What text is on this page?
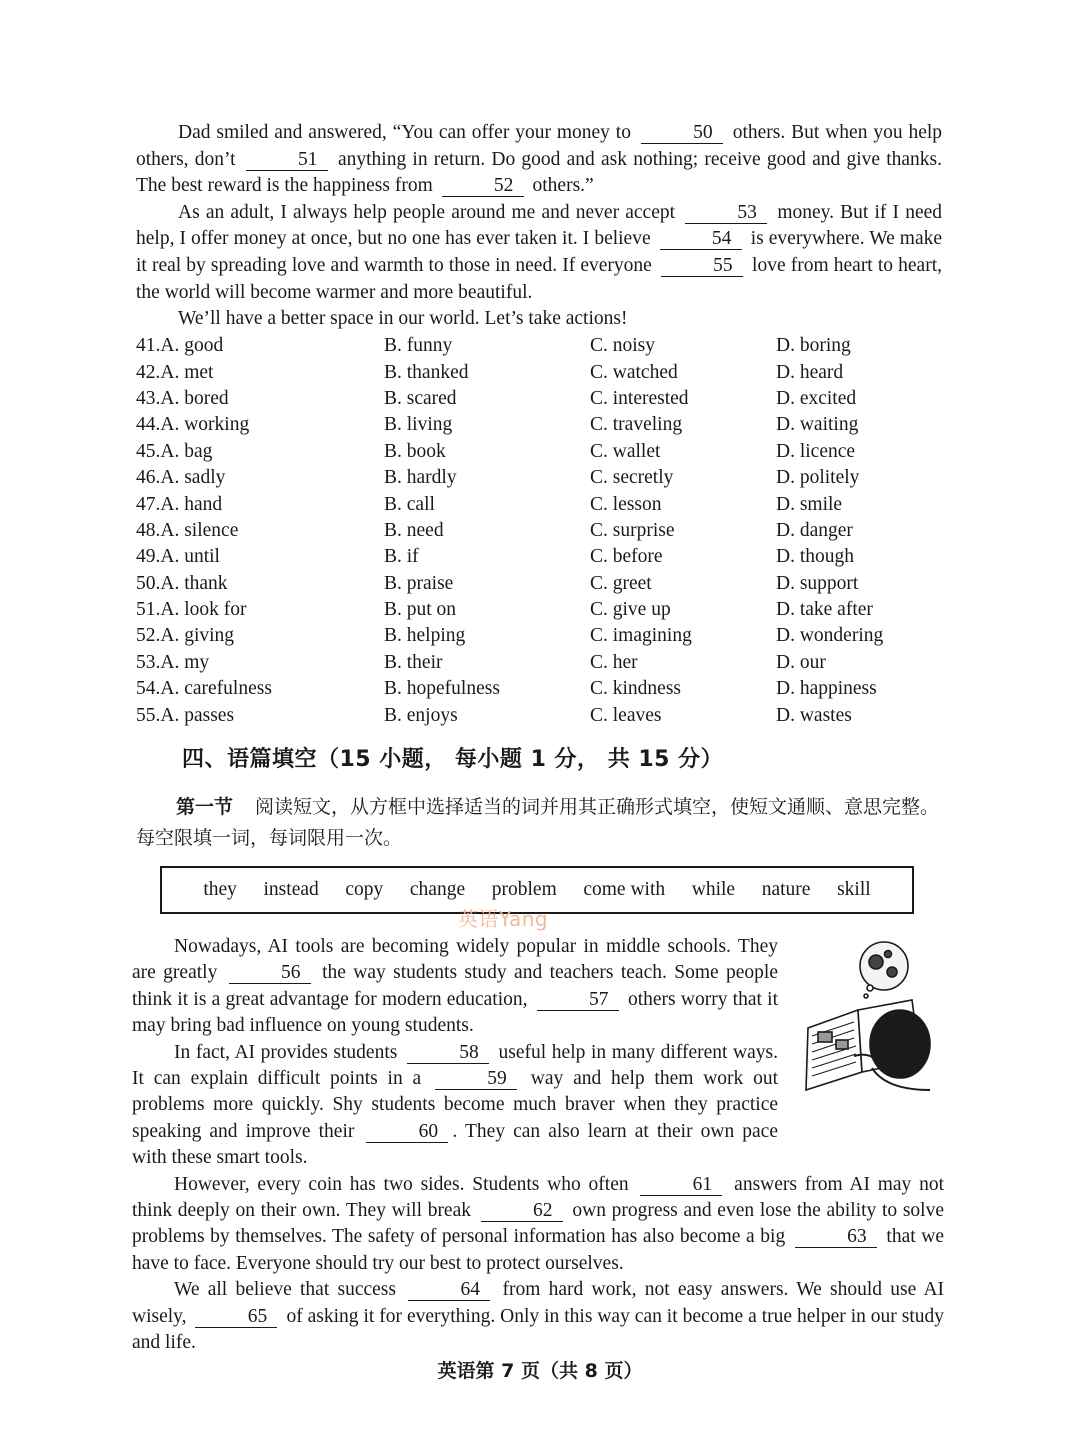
Dad smiled and answered, “You can offer your money to	50 others. But when you help others, don’t	51 anything in return. Do good and ask nothing; receive good and give thanks. The best reward is the happiness from	52 others.”

As an adult, I always help people around me and never accept	53 money. But if I need help, I offer money at once, but no one has ever taken it. I believe	54 is everywhere. We make it real by spreading love and warmth to those in need. If everyone	55 love from heart to heart, the world will become warmer and more beautiful.

We’ll have a better space in our world. Let’s take actions!

41.A. good	B. funny	C. noisy	D. boring
42.A. met	B. thanked	C. watched	D. heard
43.A. bored	B. scared	C. interested	D. excited
44.A. working	B. living	C. traveling	D. waiting
45.A. bag	B. book	C. wallet	D. licence
46.A. sadly	B. hardly	C. secretly	D. politely
47.A. hand	B. call	C. lesson	D. smile
48.A. silence	B. need	C. surprise	D. danger
49.A. until	B. if	C. before	D. though
50.A. thank	B. praise	C. greet	D. support
51.A. look for	B. put on	C. give up	D. take after
52.A. giving	B. helping	C. imagining	D. wondering
53.A. my	B. their	C. her	D. our
54.A. carefulness	B. hopefulness	C. kindness	D. happiness
55.A. passes	B. enjoys	C. leaves	D. wastes
四、语篇填空（15 小题， 每小题 1 分， 共 15 分）
第一节 阅读短文，从方框中选择适当的词并用其正确形式填空，使短文通顺、意思完整。每空限填一词，每词限用一次。
they instead copy change problem come with while nature skill
英语Yang

Nowadays, AI tools are becoming widely popular in middle schools. They are greatly	56 the way students study and teachers teach. Some people think it is a great advantage for modern education,	57 others worry that it may bring bad influence on young students.

In fact, AI provides students	58 useful help in many different ways. It can explain difficult points in a	59 way and help them work out problems more quickly. Shy students become much braver when they practice speaking and improve their	60 . They can also learn at their own pace with these smart tools.

However, every coin has two sides. Students who often	61 answers from AI may not think deeply on their own. They will break	62 own progress and even lose the ability to solve problems by themselves. The safety of personal information has also become a big	63 that we have to face. Everyone should try our best to protect ourselves.

We all believe that success	64 from hard work, not easy answers. We should use AI wisely,	65 of asking it for everything. Only in this way can it become a true helper in our study and life.

英语第 7 页（共 8 页）
